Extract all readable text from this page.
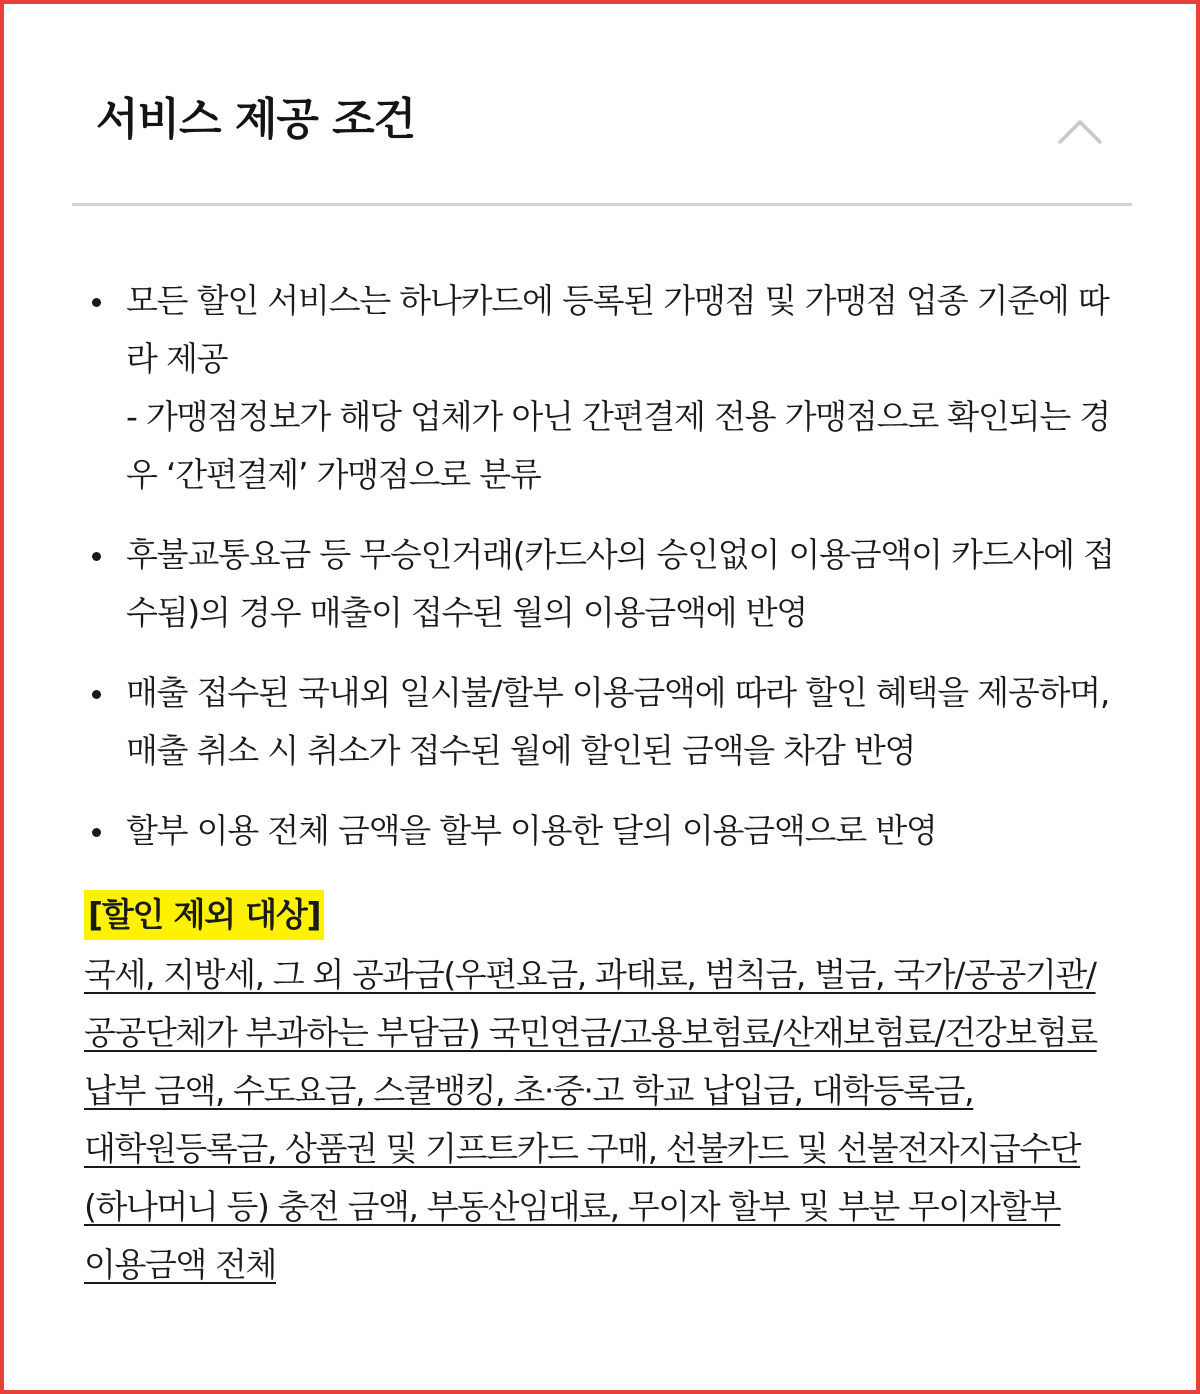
서비스 제공 조건
모든 할인 서비스는 하나카드에 등록된 가맹점 및 가맹점 업종 기준에 따라 제공
- 가맹점정보가 해당 업체가 아닌 간편결제 전용 가맹점으로 확인되는 경우 ‘간편결제’ 가맹점으로 분류
후불교통요금 등 무승인거래(카드사의 승인없이 이용금액이 카드사에 접수됨)의 경우 매출이 접수된 월의 이용금액에 반영
매출 접수된 국내외 일시불/할부 이용금액에 따라 할인 혜택을 제공하며, 매출 취소 시 취소가 접수된 월에 할인된 금액을 차감 반영
할부 이용 전체 금액을 할부 이용한 달의 이용금액으로 반영
[할인 제외 대상]

국세, 지방세, 그 외 공과금(우편요금, 과태료, 범칙금, 벌금, 국가/공공기관/공공단체가 부과하는 부담금) 국민연금/고용보험료/산재보험료/건강보험료 납부 금액, 수도요금, 스쿨뱅킹, 초·중·고 학교 납입금, 대학등록금, 대학원등록금, 상품권 및 기프트카드 구매, 선불카드 및 선불전자지급수단(하나머니 등) 충전 금액, 부동산임대료, 무이자 할부 및 부분 무이자할부 이용금액 전체
